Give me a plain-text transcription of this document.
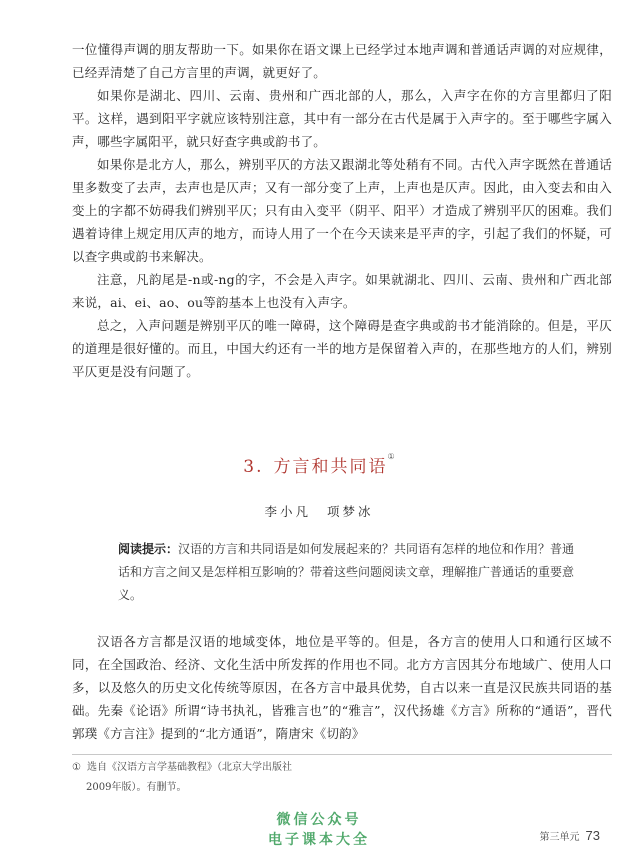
一位懂得声调的朋友帮助一下。如果你在语文课上已经学过本地声调和普通话声调的对应规律，已经弄清楚了自己方言里的声调，就更好了。

如果你是湖北、四川、云南、贵州和广西北部的人，那么，入声字在你的方言里都归了阳平。这样，遇到阳平字就应该特别注意，其中有一部分在古代是属于入声字的。至于哪些字属入声，哪些字属阳平，就只好查字典或韵书了。

如果你是北方人，那么，辨别平仄的方法又跟湖北等处稍有不同。古代入声字既然在普通话里多数变了去声，去声也是仄声；又有一部分变了上声，上声也是仄声。因此，由入变去和由入变上的字都不妨碍我们辨别平仄；只有由入变平（阴平、阳平）才造成了辨别平仄的困难。我们遇着诗律上规定用仄声的地方，而诗人用了一个在今天读来是平声的字，引起了我们的怀疑，可以查字典或韵书来解决。

注意，凡韵尾是-n或-ng的字，不会是入声字。如果就湖北、四川、云南、贵州和广西北部来说，ai、ei、ao、ou等韵基本上也没有入声字。

总之，入声问题是辨别平仄的唯一障碍，这个障碍是查字典或韵书才能消除的。但是，平仄的道理是很好懂的。而且，中国大约还有一半的地方是保留着入声的，在那些地方的人们，辨别平仄更是没有问题了。

3. 方言和共同语①
李小凡 项梦冰
阅读提示：汉语的方言和共同语是如何发展起来的？共同语有怎样的地位和作用？普通话和方言之间又是怎样相互影响的？带着这些问题阅读文章，理解推广普通话的重要意义。

汉语各方言都是汉语的地域变体，地位是平等的。但是，各方言的使用人口和通行区域不同，在全国政治、经济、文化生活中所发挥的作用也不同。北方方言因其分布地域广、使用人口多，以及悠久的历史文化传统等原因，在各方言中最具优势，自古以来一直是汉民族共同语的基础。先秦《论语》所谓“诗书执礼，皆雅言也”的“雅言”，汉代扬雄《方言》所称的“通语”，晋代郭璞《方言注》提到的“北方通语”，隋唐宋《切韵》

① 选自《汉语方言学基础教程》（北京大学出版社
2009年版）。有删节。
微信公众号
电子课本大全	第三单元 73
